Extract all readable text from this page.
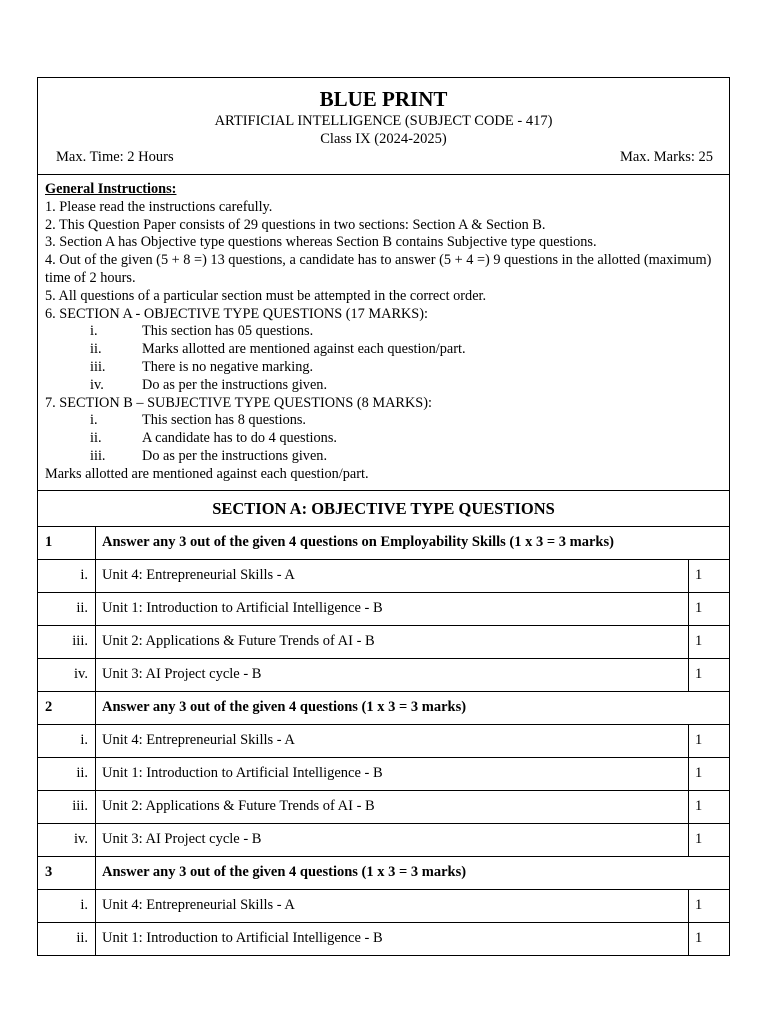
BLUE PRINT
ARTIFICIAL INTELLIGENCE (SUBJECT CODE - 417)
Class IX (2024-2025)
Max. Time: 2 Hours	Max. Marks: 25
General Instructions:
1. Please read the instructions carefully.
2. This Question Paper consists of 29 questions in two sections: Section A & Section B.
3. Section A has Objective type questions whereas Section B contains Subjective type questions.
4. Out of the given (5 + 8 =) 13 questions, a candidate has to answer (5 + 4 =) 9 questions in the allotted (maximum) time of 2 hours.
5. All questions of a particular section must be attempted in the correct order.
6. SECTION A - OBJECTIVE TYPE QUESTIONS (17 MARKS):
i.	This section has 05 questions.
ii.	Marks allotted are mentioned against each question/part.
iii.	There is no negative marking.
iv.	Do as per the instructions given.
7. SECTION B – SUBJECTIVE TYPE QUESTIONS (8 MARKS):
i.	This section has 8 questions.
ii.	A candidate has to do 4 questions.
iii.	Do as per the instructions given.
Marks allotted are mentioned against each question/part.
SECTION A: OBJECTIVE TYPE QUESTIONS
1	Answer any 3 out of the given 4 questions on Employability Skills (1 x 3 = 3 marks)	
i.	Unit 4: Entrepreneurial Skills - A	1
ii.	Unit 1: Introduction to Artificial Intelligence - B	1
iii.	Unit 2: Applications & Future Trends of AI - B	1
iv.	Unit 3: AI Project cycle - B	1
2	Answer any 3 out of the given 4 questions (1 x 3 = 3 marks)	
i.	Unit 4: Entrepreneurial Skills - A	1
ii.	Unit 1: Introduction to Artificial Intelligence - B	1
iii.	Unit 2: Applications & Future Trends of AI - B	1
iv.	Unit 3: AI Project cycle - B	1
3	Answer any 3 out of the given 4 questions (1 x 3 = 3 marks)	
i.	Unit 4: Entrepreneurial Skills - A	1
ii.	Unit 1: Introduction to Artificial Intelligence - B	1
